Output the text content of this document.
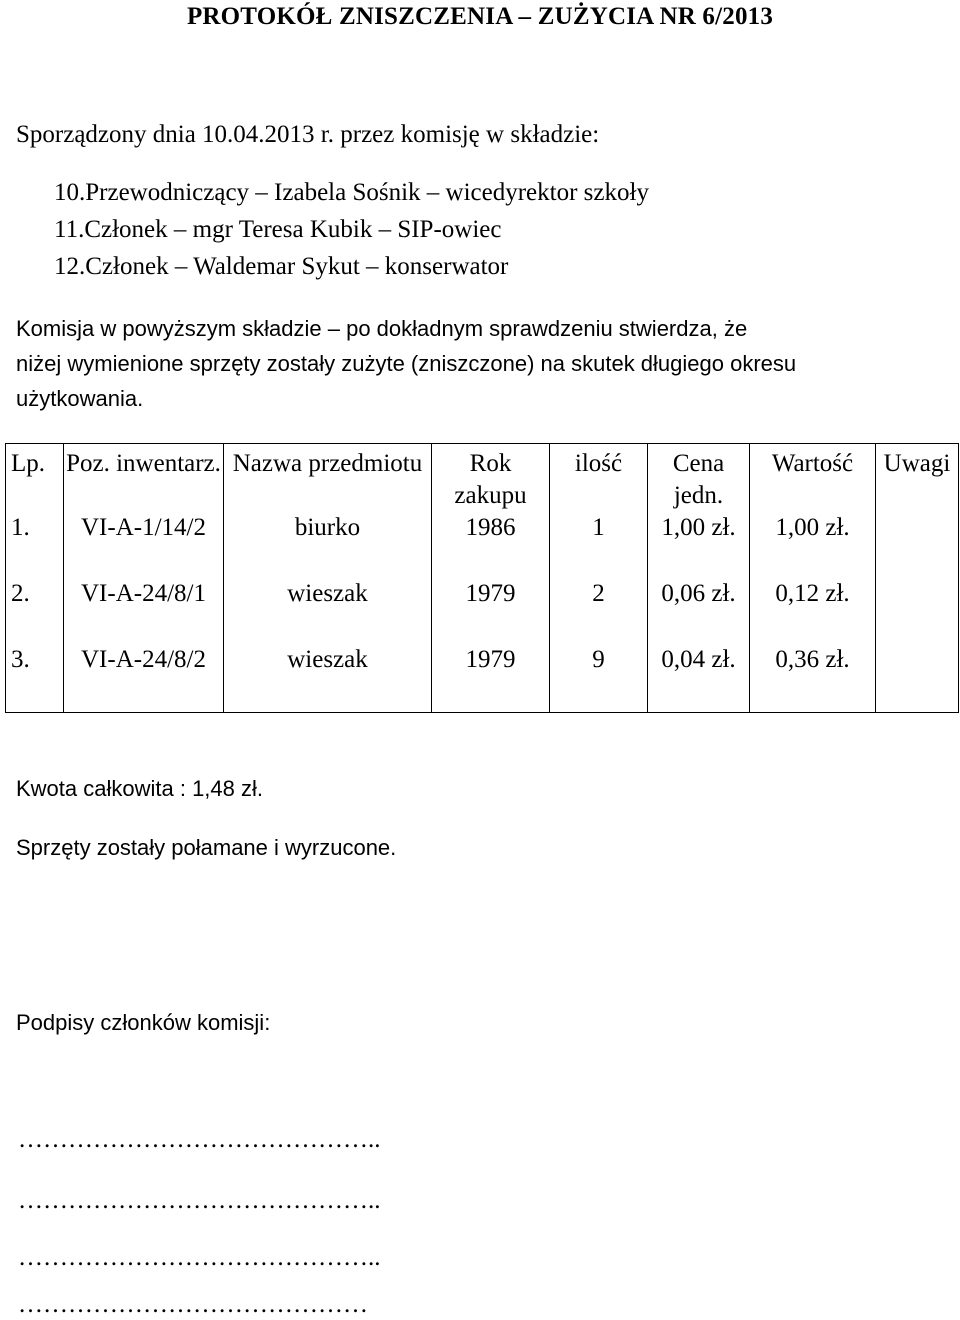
PROTOKÓŁ ZNISZCZENIA – ZUŻYCIA NR 6/2013
Sporządzony dnia 10.04.2013 r. przez komisję w składzie:
10.Przewodniczący – Izabela Sośnik – wicedyrektor szkoły
11.Członek – mgr Teresa Kubik – SIP-owiec
12.Członek – Waldemar Sykut – konserwator
Komisja w powyższym składzie – po dokładnym sprawdzeniu stwierdza, że
niżej wymienione sprzęty zostały zużyte (zniszczone) na skutek długiego okresu
użytkowania.
Lp.	Poz. inwentarz.	Nazwa przedmiotu	Rok zakupu	ilość	Cena jedn.	Wartość	Uwagi
1.	VI-A-1/14/2	biurko	1986	1	1,00 zł.	1,00 zł.	
2.	VI-A-24/8/1	wieszak	1979	2	0,06 zł.	0,12 zł.	
3.	VI-A-24/8/2	wieszak	1979	9	0,04 zł.	0,36 zł.	
Kwota całkowita : 1,48 zł.
Sprzęty zostały połamane i wyrzucone.
Podpisy członków komisji:
……………………………………..
……………………………………..
……………………………………..
……………………………………
